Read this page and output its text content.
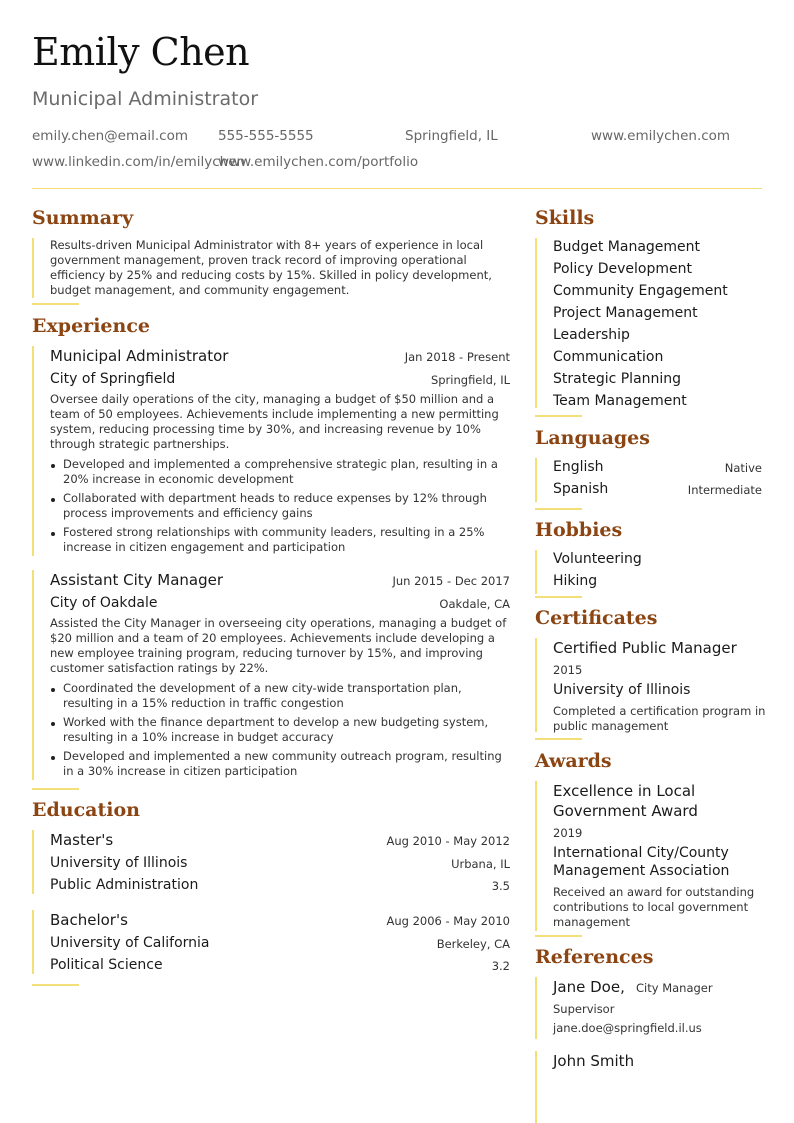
Emily Chen
Municipal Administrator
emily.chen@email.com 555-555-5555	Springfield, IL	www.emilychen.com
www.linkedin.com/in/emilychen
www.emilychen.com/portfolio
Summary
Results-driven Municipal Administrator with 8+ years of experience in local government management, proven track record of improving operational efficiency by 25% and reducing costs by 15%. Skilled in policy development, budget management, and community engagement.
Experience
Municipal Administrator	Jan 2018 - Present
City of Springfield	Springfield, IL
Oversee daily operations of the city, managing a budget of $50 million and a team of 50 employees. Achievements include implementing a new permitting system, reducing processing time by 30%, and increasing revenue by 10% through strategic partnerships.
Developed and implemented a comprehensive strategic plan, resulting in a 20% increase in economic development
Collaborated with department heads to reduce expenses by 12% through process improvements and efficiency gains
Fostered strong relationships with community leaders, resulting in a 25% increase in citizen engagement and participation
Assistant City Manager	Jun 2015 - Dec 2017
City of Oakdale	Oakdale, CA
Assisted the City Manager in overseeing city operations, managing a budget of $20 million and a team of 20 employees. Achievements include developing a new employee training program, reducing turnover by 15%, and improving customer satisfaction ratings by 22%.
Coordinated the development of a new city-wide transportation plan, resulting in a 15% reduction in traffic congestion
Worked with the finance department to develop a new budgeting system, resulting in a 10% increase in budget accuracy
Developed and implemented a new community outreach program, resulting in a 30% increase in citizen participation
Education
Master's	Aug 2010 - May 2012
University of Illinois	Urbana, IL
Public Administration	3.5
Bachelor's	Aug 2006 - May 2010
University of California	Berkeley, CA
Political Science	3.2
Skills
Budget Management
Policy Development
Community Engagement
Project Management
Leadership
Communication
Strategic Planning
Team Management
Languages
English	Native
Spanish	Intermediate
Hobbies
Volunteering
Hiking
Certificates
Certified Public Manager
2015
University of Illinois
Completed a certification program in public management
Awards
Excellence in Local Government Award
2019
International City/County Management Association
Received an award for outstanding contributions to local government management
References
Jane Doe, City Manager
Supervisor
jane.doe@springfield.il.us
John Smith
